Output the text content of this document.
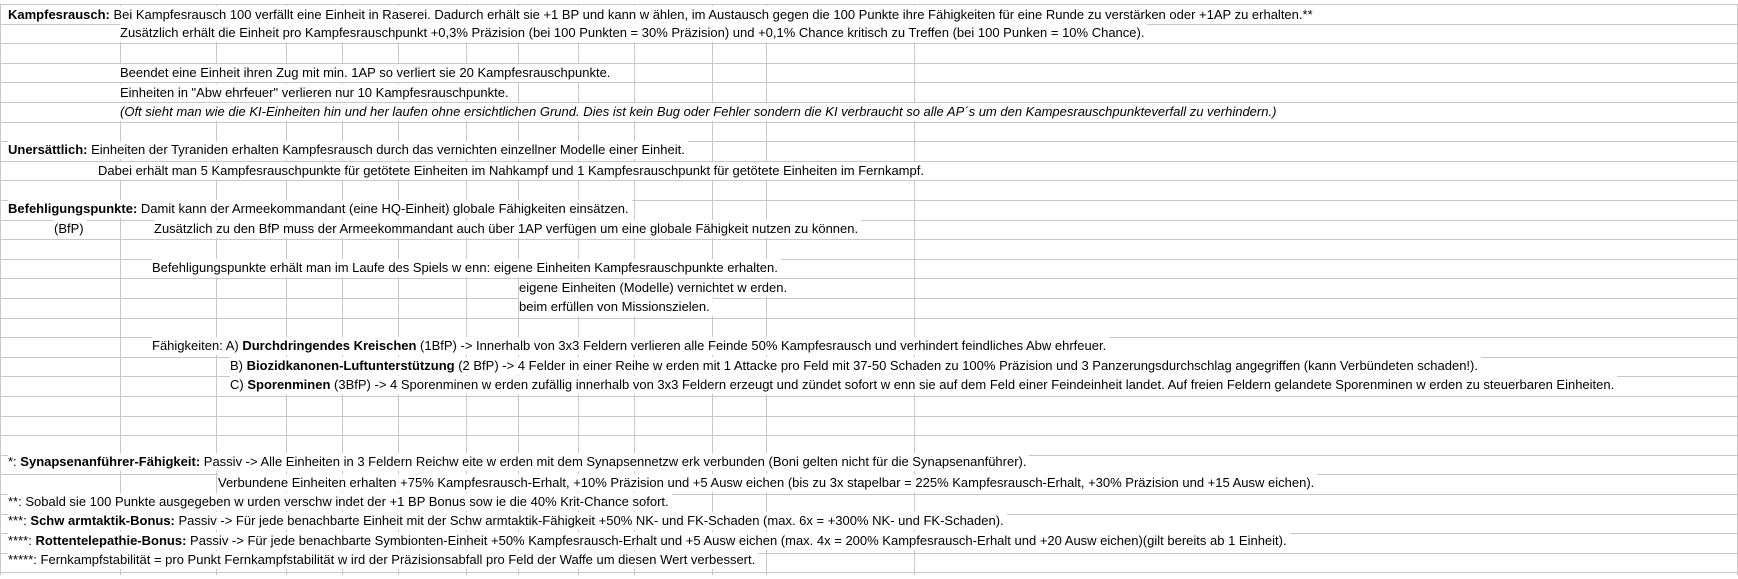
Kampfesrausch: Bei Kampfesrausch 100 verfällt eine Einheit in Raserei. Dadurch erhält sie +1 BP und kann w ählen, im Austausch gegen die 100 Punkte ihre Fähigkeiten für eine Runde zu verstärken oder +1AP zu erhalten.**
Zusätzlich erhält die Einheit pro Kampfesrauschpunkt +0,3% Präzision (bei 100 Punkten = 30% Präzision) und +0,1% Chance kritisch zu Treffen (bei 100 Punken = 10% Chance).
Beendet eine Einheit ihren Zug mit min. 1AP so verliert sie 20 Kampfesrauschpunkte.
Einheiten in "Abw ehrfeuer" verlieren nur 10 Kampfesrauschpunkte.
(Oft sieht man wie die KI-Einheiten hin und her laufen ohne ersichtlichen Grund. Dies ist kein Bug oder Fehler sondern die KI verbraucht so alle AP´s um den Kampesrauschpunkteverfall zu verhindern.)
Unersättlich: Einheiten der Tyraniden erhalten Kampfesrausch durch das vernichten einzellner Modelle einer Einheit.
Dabei erhält man 5 Kampfesrauschpunkte für getötete Einheiten im Nahkampf und 1 Kampfesrauschpunkt für getötete Einheiten im Fernkampf.
Befehligungspunkte: Damit kann der Armeekommandant (eine HQ-Einheit) globale Fähigkeiten einsätzen.
(BfP)	Zusätzlich zu den BfP muss der Armeekommandant auch über 1AP verfügen um eine globale Fähigkeit nutzen zu können.
Befehligungspunkte erhält man im Laufe des Spiels w enn: eigene Einheiten Kampfesrauschpunkte erhalten.
eigene Einheiten (Modelle) vernichtet w erden.
beim erfüllen von Missionszielen.
Fähigkeiten: A) Durchdringendes Kreischen (1BfP) -> Innerhalb von 3x3 Feldern verlieren alle Feinde 50% Kampfesrausch und verhindert feindliches Abw ehrfeuer.
B) Biozidkanonen-Luftunterstützung (2 BfP) -> 4 Felder in einer Reihe w erden mit 1 Attacke pro Feld mit 37-50 Schaden zu 100% Präzision und 3 Panzerungsdurchschlag angegriffen (kann Verbündeten schaden!).
C) Sporenminen (3BfP) -> 4 Sporenminen w erden zufällig innerhalb von 3x3 Feldern erzeugt und zündet sofort w enn sie auf dem Feld einer Feindeinheit landet. Auf freien Feldern gelandete Sporenminen w erden zu steuerbaren Einheiten.
*: Synapsenanführer-Fähigkeit: Passiv -> Alle Einheiten in 3 Feldern Reichw eite w erden mit dem Synapsennetzw erk verbunden (Boni gelten nicht für die Synapsenanführer).
Verbundene Einheiten erhalten +75% Kampfesrausch-Erhalt, +10% Präzision und +5 Ausw eichen (bis zu 3x stapelbar = 225% Kampfesrausch-Erhalt, +30% Präzision und +15 Ausw eichen).
**: Sobald sie 100 Punkte ausgegeben w urden verschw indet der +1 BP Bonus sow ie die 40% Krit-Chance sofort.
***: Schw armtaktik-Bonus: Passiv -> Für jede benachbarte Einheit mit der Schw armtaktik-Fähigkeit +50% NK- und FK-Schaden (max. 6x = +300% NK- und FK-Schaden).
****: Rottentelepathie-Bonus: Passiv -> Für jede benachbarte Symbionten-Einheit +50% Kampfesrausch-Erhalt und +5 Ausw eichen (max. 4x = 200% Kampfesrausch-Erhalt und +20 Ausw eichen)(gilt bereits ab 1 Einheit).
*****: Fernkampfstabilität = pro Punkt Fernkampfstabilität w ird der Präzisionsabfall pro Feld der Waffe um diesen Wert verbessert.
